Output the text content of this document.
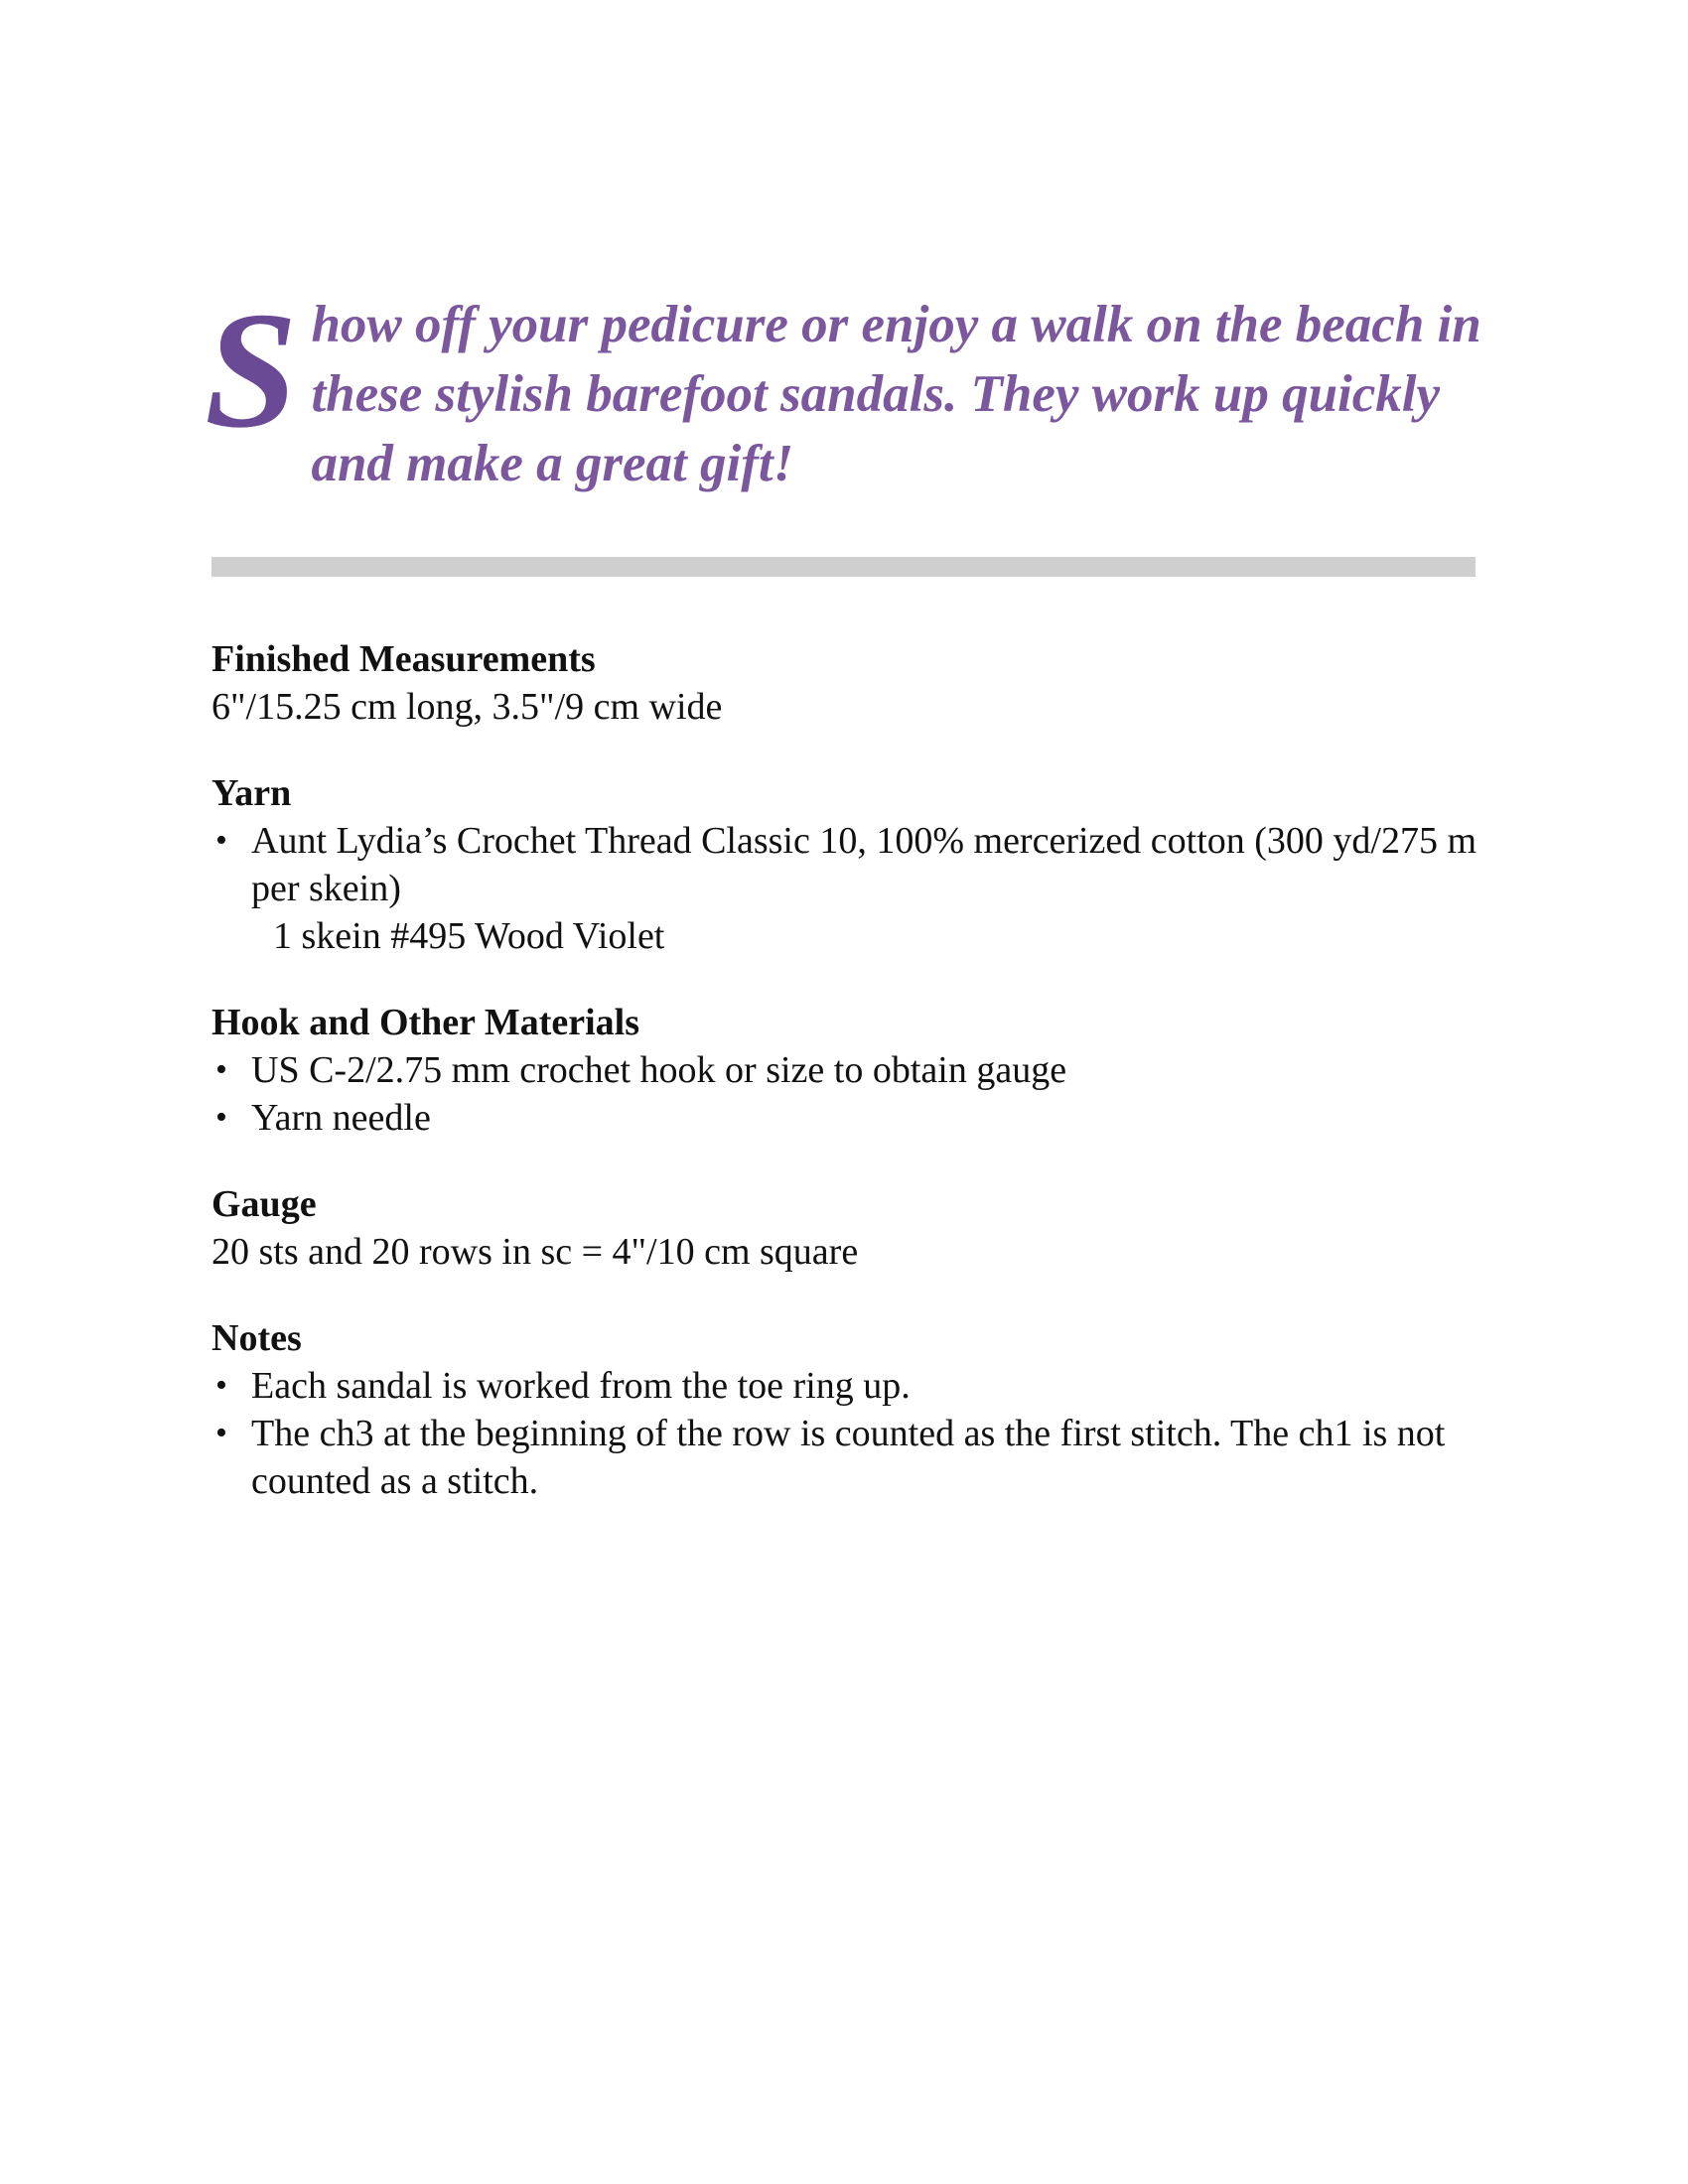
Show off your pedicure or enjoy a walk on the beach in these stylish barefoot sandals. They work up quickly and make a great gift!
Finished Measurements
6"/15.25 cm long, 3.5"/9 cm wide
Yarn
• Aunt Lydia’s Crochet Thread Classic 10, 100% mercerized cotton (300 yd/275 m per skein)
1 skein #495 Wood Violet
Hook and Other Materials
• US C-2/2.75 mm crochet hook or size to obtain gauge
• Yarn needle
Gauge
20 sts and 20 rows in sc = 4"/10 cm square
Notes
• Each sandal is worked from the toe ring up.
• The ch3 at the beginning of the row is counted as the first stitch. The ch1 is not counted as a stitch.
